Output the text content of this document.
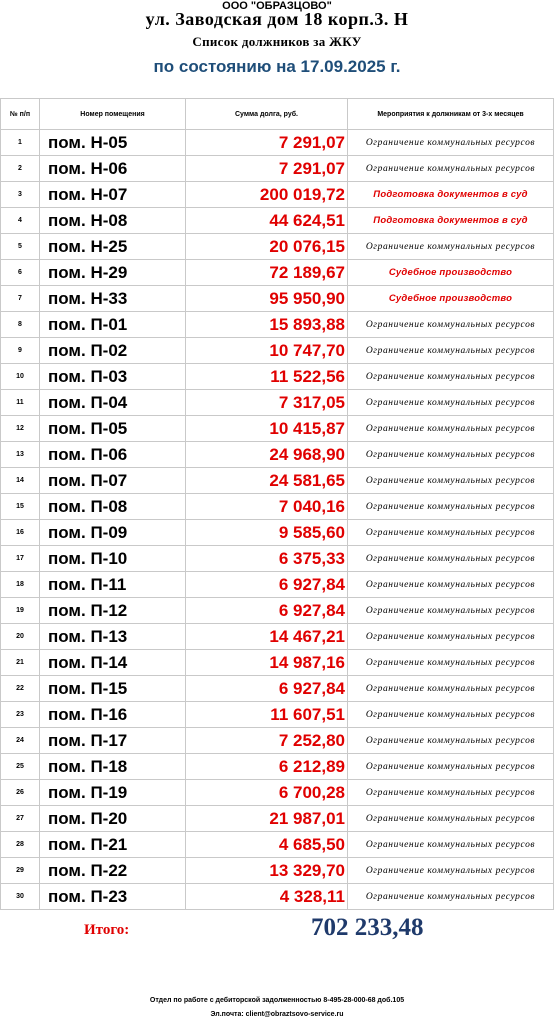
ООО "ОБРАЗЦОВО"
ул. Заводская дом 18 корп.3. Н
Список должников за ЖКУ
по состоянию на 17.09.2025 г.
№ п/п	Номер помещения	Сумма долга, руб.	Мероприятия к должникам от 3-х месяцев
1	пом. Н-05	7 291,07	Ограничение коммунальных ресурсов
2	пом. Н-06	7 291,07	Ограничение коммунальных ресурсов
3	пом. Н-07	200 019,72	Подготовка документов в суд
4	пом. Н-08	44 624,51	Подготовка документов в суд
5	пом. Н-25	20 076,15	Ограничение коммунальных ресурсов
6	пом. Н-29	72 189,67	Судебное производство
7	пом. Н-33	95 950,90	Судебное производство
8	пом. П-01	15 893,88	Ограничение коммунальных ресурсов
9	пом. П-02	10 747,70	Ограничение коммунальных ресурсов
10	пом. П-03	11 522,56	Ограничение коммунальных ресурсов
11	пом. П-04	7 317,05	Ограничение коммунальных ресурсов
12	пом. П-05	10 415,87	Ограничение коммунальных ресурсов
13	пом. П-06	24 968,90	Ограничение коммунальных ресурсов
14	пом. П-07	24 581,65	Ограничение коммунальных ресурсов
15	пом. П-08	7 040,16	Ограничение коммунальных ресурсов
16	пом. П-09	9 585,60	Ограничение коммунальных ресурсов
17	пом. П-10	6 375,33	Ограничение коммунальных ресурсов
18	пом. П-11	6 927,84	Ограничение коммунальных ресурсов
19	пом. П-12	6 927,84	Ограничение коммунальных ресурсов
20	пом. П-13	14 467,21	Ограничение коммунальных ресурсов
21	пом. П-14	14 987,16	Ограничение коммунальных ресурсов
22	пом. П-15	6 927,84	Ограничение коммунальных ресурсов
23	пом. П-16	11 607,51	Ограничение коммунальных ресурсов
24	пом. П-17	7 252,80	Ограничение коммунальных ресурсов
25	пом. П-18	6 212,89	Ограничение коммунальных ресурсов
26	пом. П-19	6 700,28	Ограничение коммунальных ресурсов
27	пом. П-20	21 987,01	Ограничение коммунальных ресурсов
28	пом. П-21	4 685,50	Ограничение коммунальных ресурсов
29	пом. П-22	13 329,70	Ограничение коммунальных ресурсов
30	пом. П-23	4 328,11	Ограничение коммунальных ресурсов
Итого:	702 233,48
Отдел по работе с дебиторской задолженностью 8-495-28-000-68 доб.105
Эл.почта: client@obraztsovo-service.ru
